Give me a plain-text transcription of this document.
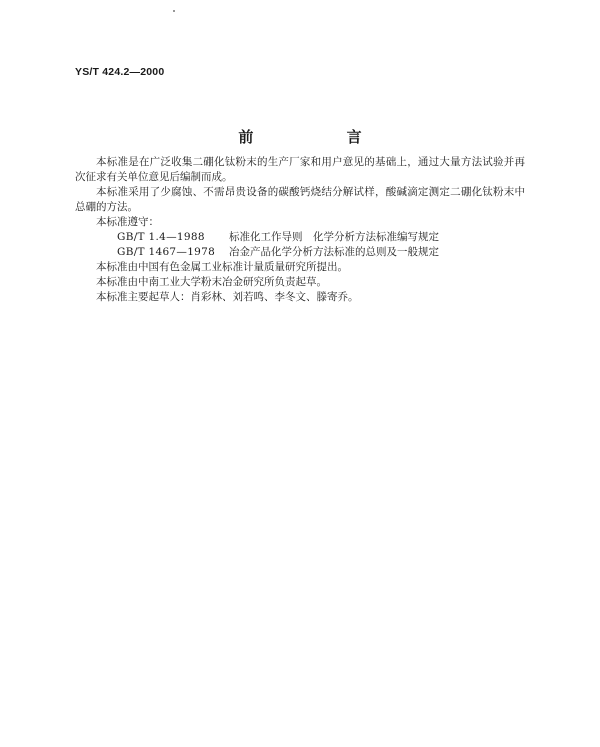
YS/T 424.2—2000
前 言

本标准是在广泛收集二硼化钛粉末的生产厂家和用户意见的基础上，通过大量方法试验并再次征求有关单位意见后编制而成。

本标准采用了少腐蚀、不需昂贵设备的碳酸钙烧结分解试样，酸碱滴定测定二硼化钛粉末中总硼的方法。

本标准遵守：

GB/T 1.4—1988 标准化工作导则　化学分析方法标准编写规定
GB/T 1467—1978 冶金产品化学分析方法标准的总则及一般规定

本标准由中国有色金属工业标准计量质量研究所提出。

本标准由中南工业大学粉末冶金研究所负责起草。

本标准主要起草人：肖彩林、刘若鸣、李冬文、滕寄乔。
